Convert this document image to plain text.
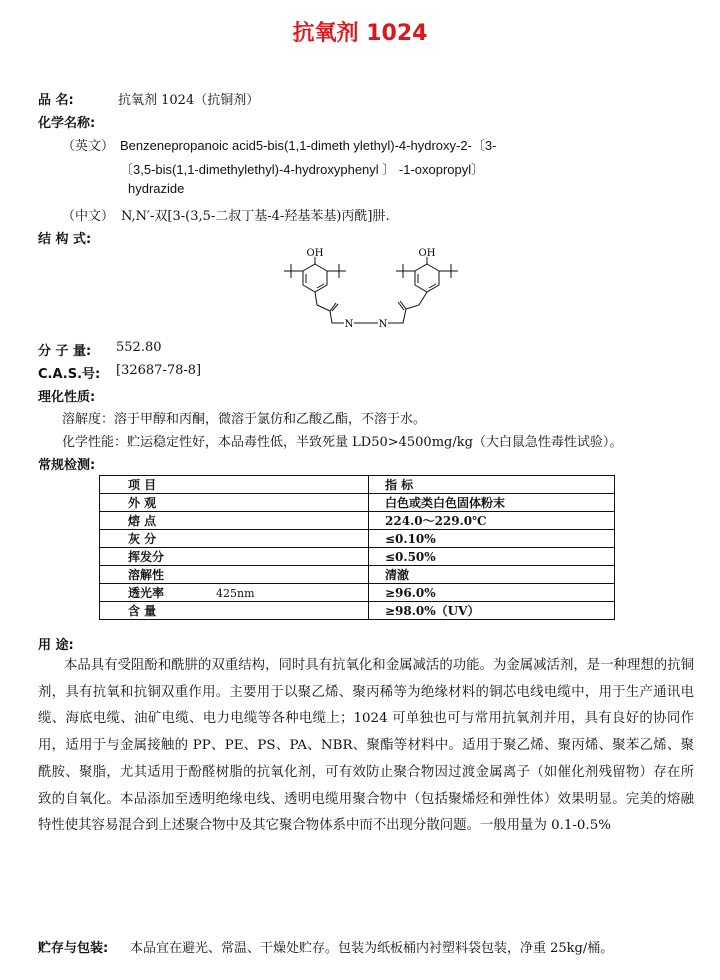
抗氧剂 1024
品 名:	抗氧剂 1024（抗铜剂）
化学名称:
（英文） Benzenepropanoic acid5-bis(1,1-dimeth ylethyl)-4-hydroxy-2-〔3-
〔3,5-bis(1,1-dimethylethyl)-4-hydroxyphenyl 〕 -1-oxopropyl〕
hydrazide
（中文） N,N′-双[3-(3,5-二叔丁基-4-羟基苯基)丙酰]肼.
结 构 式:
OH	OH
N	N
分 子 量: 552.80
C.A.S.号: [32687-78-8]
理化性质:
溶解度：溶于甲醇和丙酮，微溶于氯仿和乙酸乙酯，不溶于水。
化学性能：贮运稳定性好，本品毒性低，半致死量 LD50>4500mg/kg（大白鼠急性毒性试验）。
常规检测:
项 目	指 标
外 观	白色或类白色固体粉末
熔 点	224.0～229.0℃
灰 分	≤0.10%
挥发分	≤0.50%
溶解性	清澈
透光率 425nm	≥96.0%
含 量	≥98.0%（UV）
用 途:
本品具有受阻酚和酰肼的双重结构，同时具有抗氧化和金属减活的功能。为金属减活剂，是一种理想的抗铜剂，具有抗氧和抗铜双重作用。主要用于以聚乙烯、聚丙稀等为绝缘材料的铜芯电线电缆中，用于生产通讯电缆、海底电缆、油矿电缆、电力电缆等各种电缆上；1024 可单独也可与常用抗氧剂并用，具有良好的协同作用，适用于与金属接触的 PP、PE、PS、PA、NBR、聚酯等材料中。适用于聚乙烯、聚丙烯、聚苯乙烯、聚酰胺、聚脂，尤其适用于酚醛树脂的抗氧化剂，可有效防止聚合物因过渡金属离子（如催化剂残留物）存在所致的自氧化。本品添加至透明绝缘电线、透明电缆用聚合物中（包括聚烯烃和弹性体）效果明显。完美的熔融特性使其容易混合到上述聚合物中及其它聚合物体系中而不出现分散问题。一般用量为 0.1-0.5%
贮存与包装: 本品宜在避光、常温、干燥处贮存。包装为纸板桶内衬塑料袋包装，净重 25kg/桶。
